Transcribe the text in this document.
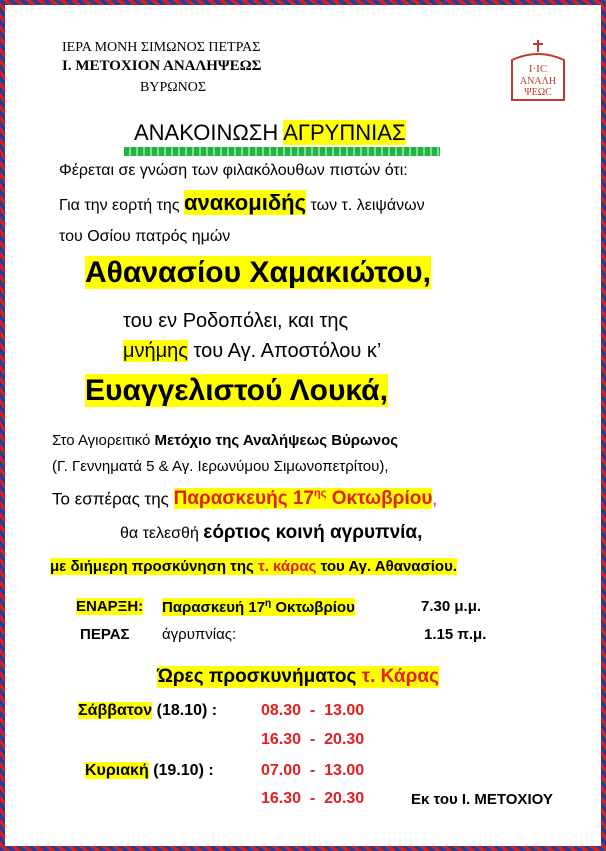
ΙΕΡΑ ΜΟΝΗ ΣΙΜΩΝΟΣ ΠΕΤΡΑΣ
Ι. ΜΕΤΟΧΙΟΝ ΑΝΑΛΗΨΕΩΣ
ΒΥΡΩΝΟΣ
Ι·ΙC
ΑΝΑΛΗ
ΨΕΩC
ΑΝΑΚΟΙΝΩΣΗ ΑΓΡΥΠΝΙΑΣ
Φέρεται σε γνώση των φιλακόλουθων πιστών ότι:
Για την εορτή της ανακομιδής των τ. λειψάνων
του Οσίου πατρός ημών
Αθανασίου Χαμακιώτου,
του εν Ροδοπόλει, και της
μνήμης του Αγ. Αποστόλου κ’
Ευαγγελιστού Λουκά,
Στο Αγιορειτικό Μετόχιο της Αναλήψεως Βύρωνος
(Γ. Γεννηματά 5 & Αγ. Ιερωνύμου Σιμωνοπετρίτου),
Το εσπέρας της Παρασκευής $17^{\eta\varsigma}$ Οκτωβρίου,
θα τελεσθή εόρτιος κοινή αγρυπνία,
με διήμερη προσκύνηση της τ. κάρας του Αγ. Αθανασίου.
ΕΝΑΡΞΗ: Παρασκευή $17^\eta$ Οκτωβρίου	7.30 μ.μ.
ΠΕΡΑΣ άγρυπνίας:	1.15 π.μ.
Ώρες προσκυνήματος τ. Κάρας
Σάββατον (18.10) :	08.30  -  13.00
16.30  -  20.30
Κυριακή (19.10) :	07.00  -  13.00
16.30  -  20.30	Εκ του Ι. ΜΕΤΟΧΙΟΥ
